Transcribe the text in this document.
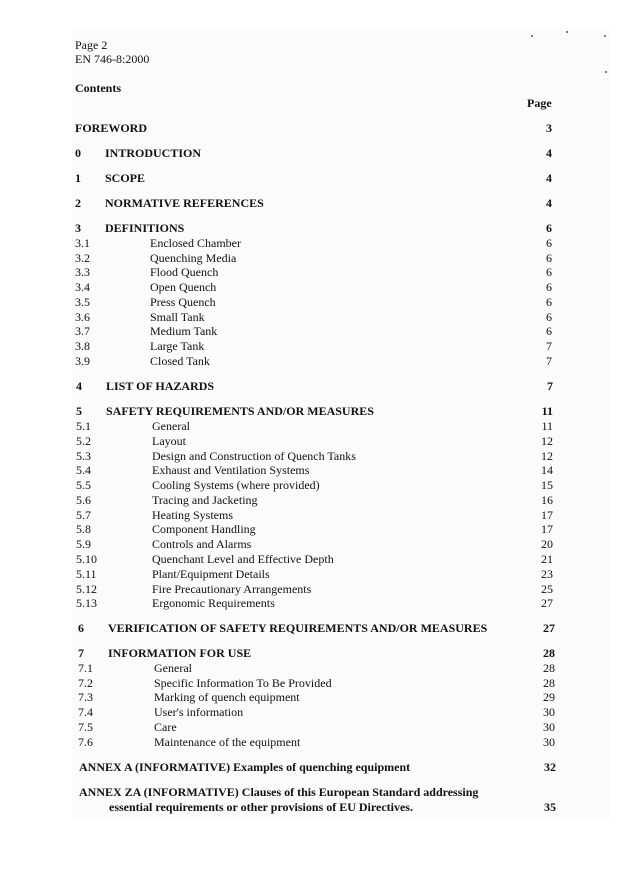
Page 2
EN 746-8:2000
Contents
Page
FOREWORD	3
0 INTRODUCTION	4
1 SCOPE	4
2 NORMATIVE REFERENCES	4
3 DEFINITIONS	6
3.1	Enclosed Chamber	6
3.2	Quenching Media	6
3.3	Flood Quench	6
3.4	Open Quench	6
3.5	Press Quench	6
3.6	Small Tank	6
3.7	Medium Tank	6
3.8	Large Tank	7
3.9	Closed Tank	7
4 LIST OF HAZARDS	7
5 SAFETY REQUIREMENTS AND/OR MEASURES	11
5.1	General	11
5.2	Layout	12
5.3	Design and Construction of Quench Tanks	12
5.4	Exhaust and Ventilation Systems	14
5.5	Cooling Systems (where provided)	15
5.6	Tracing and Jacketing	16
5.7	Heating Systems	17
5.8	Component Handling	17
5.9	Controls and Alarms	20
5.10	Quenchant Level and Effective Depth	21
5.11	Plant/Equipment Details	23
5.12	Fire Precautionary Arrangements	25
5.13	Ergonomic Requirements	27
6 VERIFICATION OF SAFETY REQUIREMENTS AND/OR MEASURES	27
7 INFORMATION FOR USE	28
7.1	General	28
7.2	Specific Information To Be Provided	28
7.3	Marking of quench equipment	29
7.4	User's information	30
7.5	Care	30
7.6	Maintenance of the equipment	30
ANNEX A (INFORMATIVE) Examples of quenching equipment	32
ANNEX ZA (INFORMATIVE) Clauses of this European Standard addressing
essential requirements or other provisions of EU Directives.	35
